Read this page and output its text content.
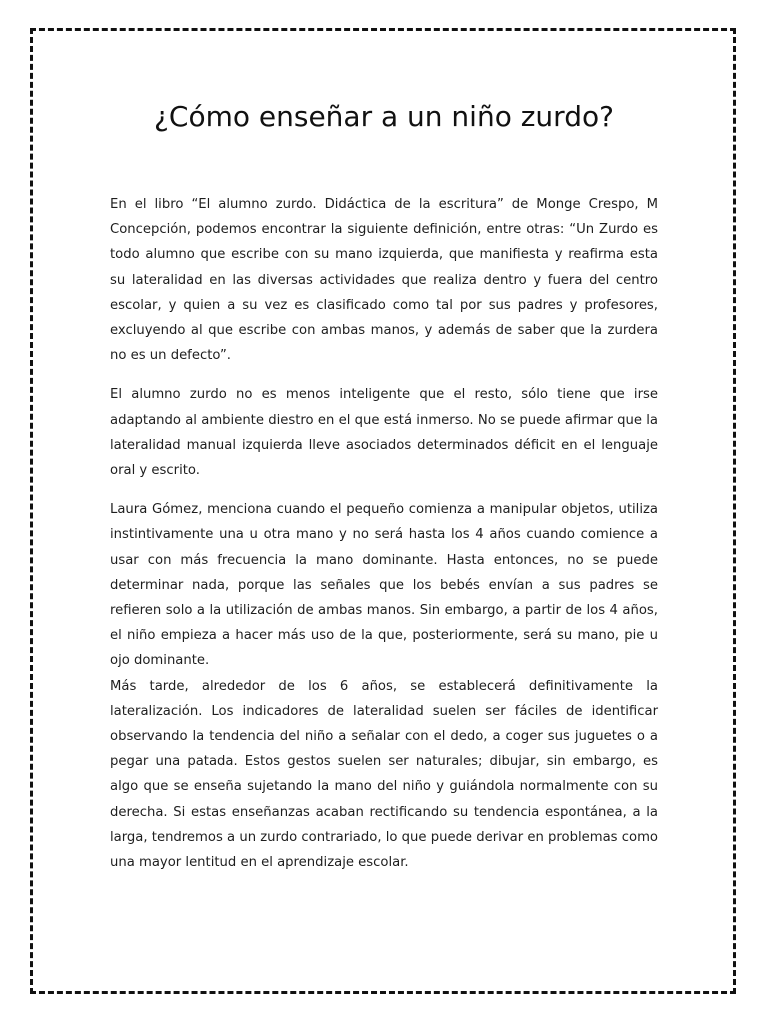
¿Cómo enseñar a un niño zurdo?

En el libro “El alumno zurdo. Didáctica de la escritura” de Monge Crespo, M Concepción, podemos encontrar la siguiente definición, entre otras: “Un Zurdo es todo alumno que escribe con su mano izquierda, que manifiesta y reafirma esta su lateralidad en las diversas actividades que realiza dentro y fuera del centro escolar, y quien a su vez es clasificado como tal por sus padres y profesores, excluyendo al que escribe con ambas manos, y además de saber que la zurdera no es un defecto”.

El alumno zurdo no es menos inteligente que el resto, sólo tiene que irse adaptando al ambiente diestro en el que está inmerso. No se puede afirmar que la lateralidad manual izquierda lleve asociados determinados déficit en el lenguaje oral y escrito.

Laura Gómez, menciona cuando el pequeño comienza a manipular objetos, utiliza instintivamente una u otra mano y no será hasta los 4 años cuando comience a usar con más frecuencia la mano dominante. Hasta entonces, no se puede determinar nada, porque las señales que los bebés envían a sus padres se refieren solo a la utilización de ambas manos. Sin embargo, a partir de los 4 años, el niño empieza a hacer más uso de la que, posteriormente, será su mano, pie u ojo dominante.

Más tarde, alrededor de los 6 años, se establecerá definitivamente la lateralización. Los indicadores de lateralidad suelen ser fáciles de identificar observando la tendencia del niño a señalar con el dedo, a coger sus juguetes o a pegar una patada. Estos gestos suelen ser naturales; dibujar, sin embargo, es algo que se enseña sujetando la mano del niño y guiándola normalmente con su derecha. Si estas enseñanzas acaban rectificando su tendencia espontánea, a la larga, tendremos a un zurdo contrariado, lo que puede derivar en problemas como una mayor lentitud en el aprendizaje escolar.
